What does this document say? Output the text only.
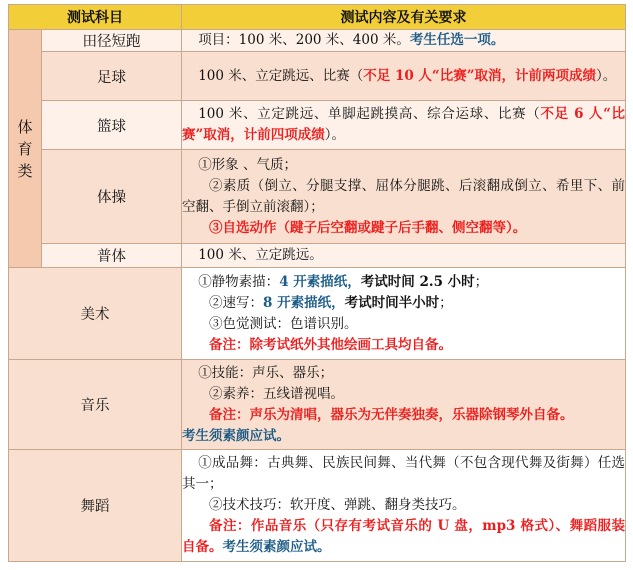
测试科目		测试内容及有关要求

体
育
类	田径短跑	项目：100 米、200 米、400 米。考生任选一项。

	足球	100 米、立定跳远、比赛（不足 10 人“比赛”取消，计前两项成绩）。

	篮球	100 米、立定跳远、单脚起跳摸高、综合运球、比赛（不足 6 人“比赛”取消，计前四项成绩）。

	体操	①形象 、气质；
②素质（倒立、分腿支撑、屈体分腿跳、后滚翻成倒立、希里下、前空翻、手倒立前滚翻）；
③自选动作（踺子后空翻或踺子后手翻、侧空翻等）。

	普体	100 米、立定跳远。

美术		①静物素描：4 开素描纸，考试时间 2.5 小时；
②速写：8 开素描纸，考试时间半小时；
③色觉测试：色谱识别。
备注：除考试纸外其他绘画工具均自备。

音乐		①技能：声乐、器乐；
②素养：五线谱视唱。
备注：声乐为清唱，器乐为无伴奏独奏，乐器除钢琴外自备。
考生须素颜应试。

舞蹈		①成品舞：古典舞、民族民间舞、当代舞（不包含现代舞及街舞）任选其一；
②技术技巧：软开度、弹跳、翻身类技巧。
备注：作品音乐（只存有考试音乐的 U 盘，mp3 格式）、舞蹈服装自备。考生须素颜应试。
